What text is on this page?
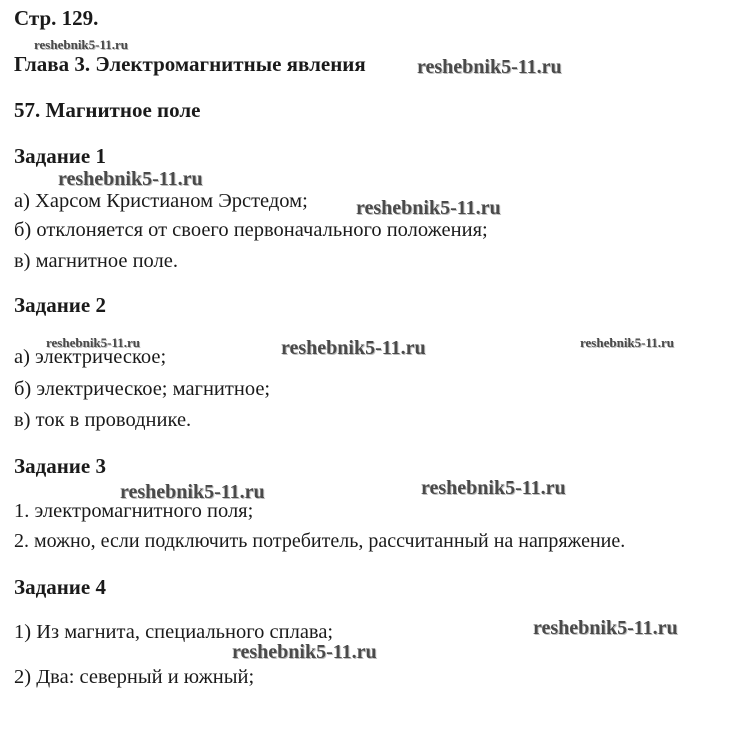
Стр. 129.
Глава 3. Электромагнитные явления
57. Магнитное поле
Задание 1
а) Харсом Кристианом Эрстедом;
б) отклоняется от своего первоначального положения;
в) магнитное поле.
Задание 2
а) электрическое;
б) электрическое; магнитное;
в) ток в проводнике.
Задание 3
1. электромагнитного поля;
2. можно, если подключить потребитель, рассчитанный на напряжение.
Задание 4
1) Из магнита, специального сплава;
2) Два: северный и южный;
reshebnik5-11.ru
reshebnik5-11.ru
reshebnik5-11.ru
reshebnik5-11.ru
reshebnik5-11.ru	reshebnik5-11.ru	reshebnik5-11.ru
reshebnik5-11.ru	reshebnik5-11.ru
reshebnik5-11.ru
reshebnik5-11.ru
